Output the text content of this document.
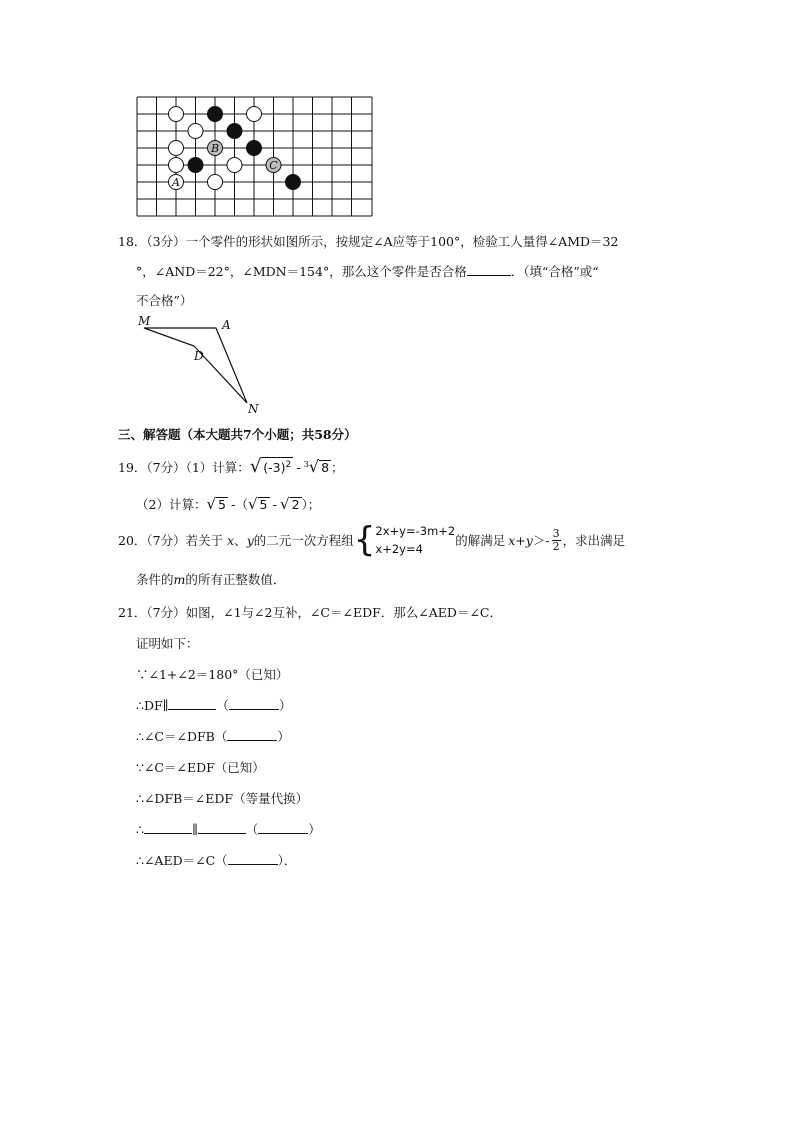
B
C
A
18．（3分）一个零件的形状如图所示，按规定∠A应等于100°，检验工人量得∠AMD＝32
°，∠AND＝22°，∠MDN＝154°，那么这个零件是否合格	．（填“合格”或“
不合格”）
M	A
D
N
三、解答题（本大题共7个小题；共58分）
19．（7分）（1）计算：√ $(-3)^2 - ^3√$ 8 ；
（2）计算：√ 5 -（√ 5 - √ 2 ）；
20．（7分）若关于 x、y的二元一次方程组{ 2x+y=-3m+2
x+2y=4
的解满足 $x+y>- \frac{3}{2}$ ，求出满足
条件的m的所有正整数值．
21．（7分）如图，∠1与∠2互补，∠C＝∠EDF．那么∠AED＝∠C．
证明如下：
∵∠1+∠2＝180°（已知）
∴DF∥	（	）
∴∠C＝∠DFB（	）
∵∠C＝∠EDF（已知）
∴∠DFB＝∠EDF（等量代换）
∴	∥	（	）
∴∠AED＝∠C（	）．
